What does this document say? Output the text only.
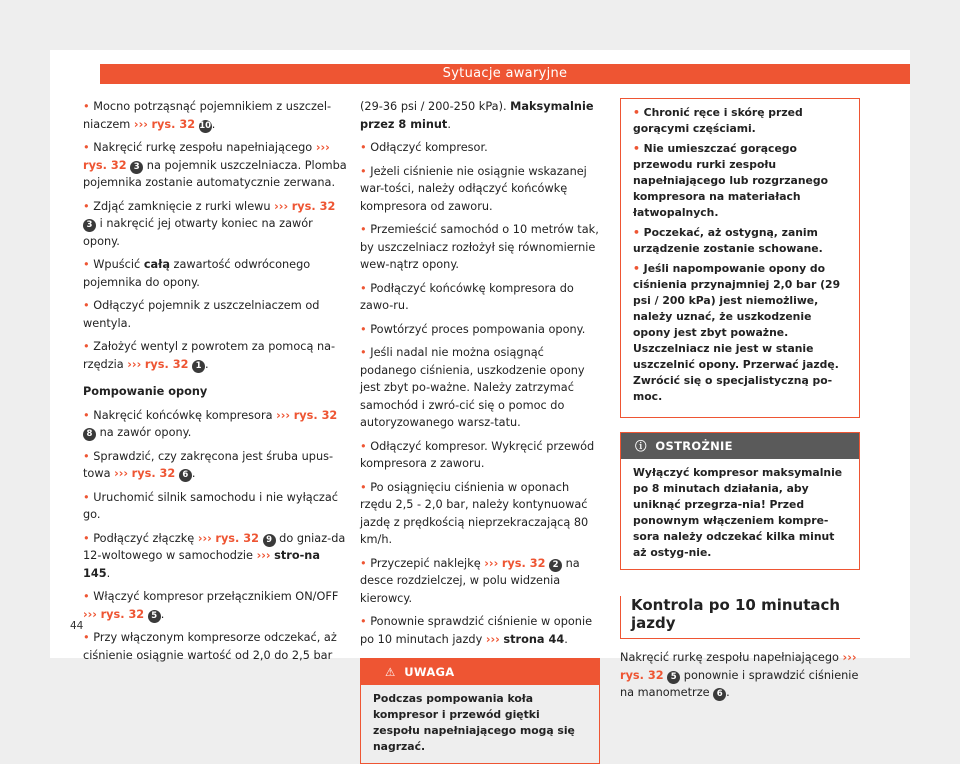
Sytuacje awaryjne

• Mocno potrząsnąć pojemnikiem z uszczel-niaczem ››› rys. 32 10.

• Nakręcić rurkę zespołu napełniającego ››› rys. 32 3 na pojemnik uszczelniacza. Plomba pojemnika zostanie automatycznie zerwana.

• Zdjąć zamknięcie z rurki wlewu ››› rys. 32 3 i nakręcić jej otwarty koniec na zawór opony.

• Wpuścić całą zawartość odwróconego pojemnika do opony.

• Odłączyć pojemnik z uszczelniaczem od wentyla.

• Założyć wentyl z powrotem za pomocą na-rzędzia ››› rys. 32 1 .

Pompowanie opony

• Nakręcić końcówkę kompresora ››› rys. 32 8 na zawór opony.

• Sprawdzić, czy zakręcona jest śruba upus-towa ››› rys. 32 6 .

• Uruchomić silnik samochodu i nie wyłączać go.

• Podłączyć złączkę ››› rys. 32 9 do gniaz-da 12-woltowego w samochodzie ››› stro-na 145.

• Włączyć kompresor przełącznikiem ON/OFF ››› rys. 32 5 .

• Przy włączonym kompresorze odczekać, aż ciśnienie osiągnie wartość od 2,0 do 2,5 bar

(29-36 psi / 200-250 kPa). Maksymalnie przez 8 minut.

• Odłączyć kompresor.

• Jeżeli ciśnienie nie osiągnie wskazanej war-tości, należy odłączyć końcówkę kompresora od zaworu.

• Przemieścić samochód o 10 metrów tak, by uszczelniacz rozłożył się równomiernie wew-nątrz opony.

• Podłączyć końcówkę kompresora do zawo-ru.

• Powtórzyć proces pompowania opony.

• Jeśli nadal nie można osiągnąć podanego ciśnienia, uszkodzenie opony jest zbyt po-ważne. Należy zatrzymać samochód i zwró-cić się o pomoc do autoryzowanego warsz-tatu.

• Odłączyć kompresor. Wykręcić przewód kompresora z zaworu.

• Po osiągnięciu ciśnienia w oponach rzędu 2,5 - 2,0 bar, należy kontynuować jazdę z prędkością nieprzekraczającą 80 km/h.

• Przyczepić naklejkę ››› rys. 32 2 na desce rozdzielczej, w polu widzenia kierowcy.

• Ponownie sprawdzić ciśnienie w oponie po 10 minutach jazdy ››› strona 44.

⚠ UWAGA
Podczas pompowania koła kompresor i przewód giętki zespołu napełniającego mogą się nagrzać.

• Chronić ręce i skórę przed gorącymi częściami.

• Nie umieszczać gorącego przewodu rurki zespołu napełniającego lub rozgrzanego kompresora na materiałach łatwopalnych.

• Poczekać, aż ostygną, zanim urządzenie zostanie schowane.

• Jeśli napompowanie opony do ciśnienia przynajmniej 2,0 bar (29 psi / 200 kPa) jest niemożliwe, należy uznać, że uszkodzenie opony jest zbyt poważne. Uszczelniacz nie jest w stanie uszczelnić opony. Przerwać jazdę. Zwrócić się o specjalistyczną po-moc.

ⓘ OSTROŻNIE
Wyłączyć kompresor maksymalnie po 8 minutach działania, aby uniknąć przegrza-nia! Przed ponownym włączeniem kompre-sora należy odczekać kilka minut aż ostyg-nie.
Kontrola po 10 minutach jazdy

Nakręcić rurkę zespołu napełniającego ››› rys. 32 5 ponownie i sprawdzić ciśnienie na manometrze 6 .

44
